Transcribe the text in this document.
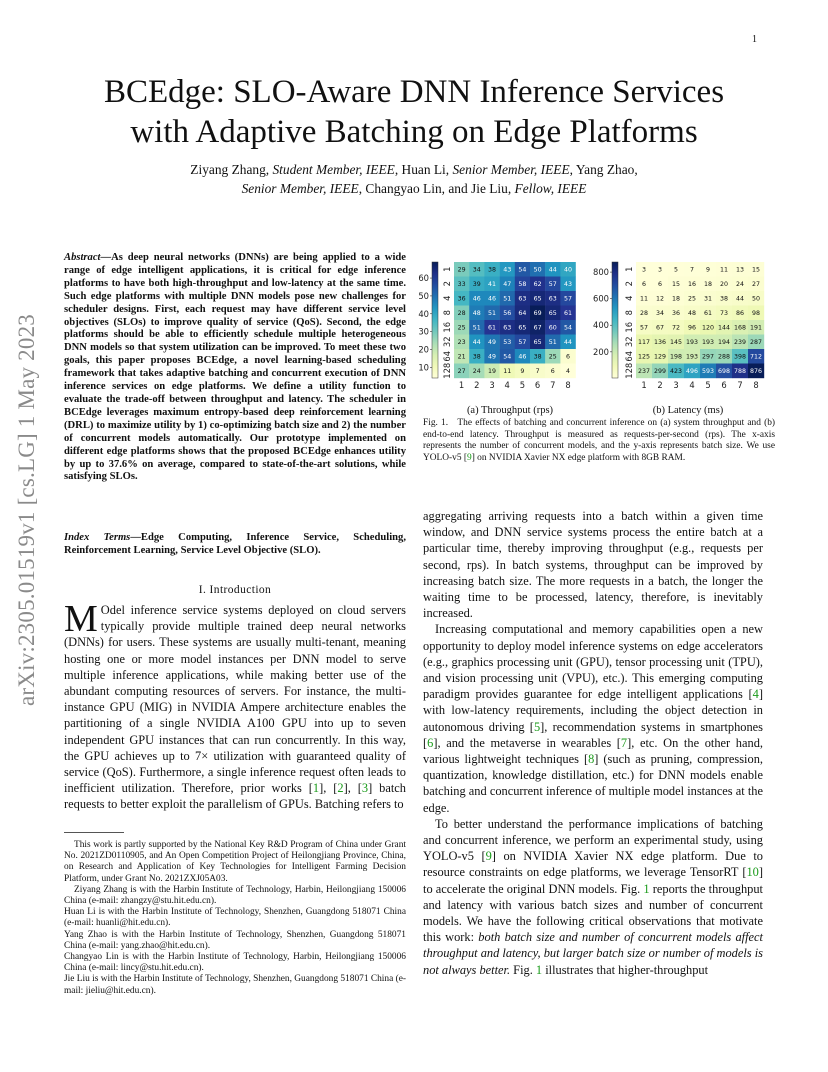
1
arXiv:2305.01519v1 [cs.LG] 1 May 2023
BCEdge: SLO-Aware DNN Inference Services
with Adaptive Batching on Edge Platforms
Ziyang Zhang, Student Member, IEEE, Huan Li, Senior Member, IEEE, Yang Zhao,
Senior Member, IEEE, Changyao Lin, and Jie Liu, Fellow, IEEE
Abstract—As deep neural networks (DNNs) are being applied to a wide range of edge intelligent applications, it is critical for edge inference platforms to have both high-throughput and low-latency at the same time. Such edge platforms with multiple DNN models pose new challenges for scheduler designs. First, each request may have different service level objectives (SLOs) to improve quality of service (QoS). Second, the edge platforms should be able to efficiently schedule multiple heterogeneous DNN models so that system utilization can be improved. To meet these two goals, this paper proposes BCEdge, a novel learning-based scheduling framework that takes adaptive batching and concurrent execution of DNN inference services on edge platforms. We define a utility function to evaluate the trade-off between throughput and latency. The scheduler in BCEdge leverages maximum entropy-based deep reinforcement learning (DRL) to maximize utility by 1) co-optimizing batch size and 2) the number of concurrent models automatically. Our prototype implemented on different edge platforms shows that the proposed BCEdge enhances utility by up to 37.6% on average, compared to state-of-the-art solutions, while satisfying SLOs.
Index Terms—Edge Computing, Inference Service, Scheduling, Reinforcement Learning, Service Level Objective (SLO).
I. Introduction
M Odel inference service systems deployed on cloud servers typically provide multiple trained deep neural networks (DNNs) for users. These systems are usually multi-tenant, meaning hosting one or more model instances per DNN model to serve multiple inference applications, while making better use of the abundant computing resources of servers. For instance, the multi-instance GPU (MIG) in NVIDIA Ampere architecture enables the partitioning of a single NVIDIA A100 GPU into up to seven independent GPU instances that can run concurrently. In this way, the GPU achieves up to 7× utilization with guaranteed quality of service (QoS). Furthermore, a single inference request often leads to inefficient utilization. Therefore, prior works [1], [2], [3] batch requests to better exploit the parallelism of GPUs. Batching refers to

This work is partly supported by the National Key R&D Program of China under Grant No. 2021ZD0110905, and An Open Competition Project of Heilongjiang Province, China, on Research and Application of Key Technologies for Intelligent Farming Decision Platform, under Grant No. 2021ZXJ05A03.

Ziyang Zhang is with the Harbin Institute of Technology, Harbin, Heilongjiang 150006 China (e-mail: zhangzy@stu.hit.edu.cn).

Huan Li is with the Harbin Institute of Technology, Shenzhen, Guangdong 518071 China (e-mail: huanli@hit.edu.cn).

Yang Zhao is with the Harbin Institute of Technology, Shenzhen, Guangdong 518071 China (e-mail: yang.zhao@hit.edu.cn).

Changyao Lin is with the Harbin Institute of Technology, Harbin, Heilongjiang 150006 China (e-mail: lincy@stu.hit.edu.cn).

Jie Liu is with the Harbin Institute of Technology, Shenzhen, Guangdong 518071 China (e-mail: jieliu@hit.edu.cn).

10
20
30
40
50
60
29 34 38 43 54 50 44 40
33 39 41 47 58 62 57 43
36 46 46 51 63 65 63 57
28 48 51 56 64 69 65 61
25 51 61 63 65 67 60 54
23 44 49 53 57 65 51 44
21 38 49 54 46 38 25 6
27 24 19 11 9 7 6 4
1
2
4
8
16
32
64
128
1 2 3 4 5 6 7 8
200
400
600
800	3 3 5 7 9 11 13 15
6 6 15 16 18 20 24 27
11 12 18 25 31 38 44 50
28 34 36 48 61 73 86 98
57 67 72 96 120 144 168 191
117 136 145 193 193 194 239 287
125 129 198 193 297 288 398 712
237 299 423 496 593 698 788 876
1
2
4
8
16
32
64
128
1 2 3 4 5 6 7 8
(a) Throughput (rps)	(b) Latency (ms)
Fig. 1.   The effects of batching and concurrent inference on (a) system throughput and (b) end-to-end latency. Throughput is measured as requests-per-second (rps). The x-axis represents the number of concurrent models, and the y-axis represents batch size. We use YOLO-v5 [9] on NVIDIA Xavier NX edge platform with 8GB RAM.

aggregating arriving requests into a batch within a given time window, and DNN service systems process the entire batch at a particular time, thereby improving throughput (e.g., requests per second, rps). In batch systems, throughput can be improved by increasing batch size. The more requests in a batch, the longer the waiting time to be processed, latency, therefore, is inevitably increased.

Increasing computational and memory capabilities open a new opportunity to deploy model inference systems on edge accelerators (e.g., graphics processing unit (GPU), tensor processing unit (TPU), and vision processing unit (VPU), etc.). This emerging computing paradigm provides guarantee for edge intelligent applications [4] with low-latency requirements, including the object detection in autonomous driving [5], recommendation systems in smartphones [6], and the metaverse in wearables [7], etc. On the other hand, various lightweight techniques [8] (such as pruning, compression, quantization, knowledge distillation, etc.) for DNN models enable batching and concurrent inference of multiple model instances at the edge.

To better understand the performance implications of batching and concurrent inference, we perform an experimental study, using YOLO-v5 [9] on NVIDIA Xavier NX edge platform. Due to resource constraints on edge platforms, we leverage TensorRT [10] to accelerate the original DNN models. Fig. 1 reports the throughput and latency with various batch sizes and number of concurrent models. We have the following critical observations that motivate this work: both batch size and number of concurrent models affect throughput and latency, but larger batch size or number of models is not always better. Fig. 1 illustrates that higher-throughput
